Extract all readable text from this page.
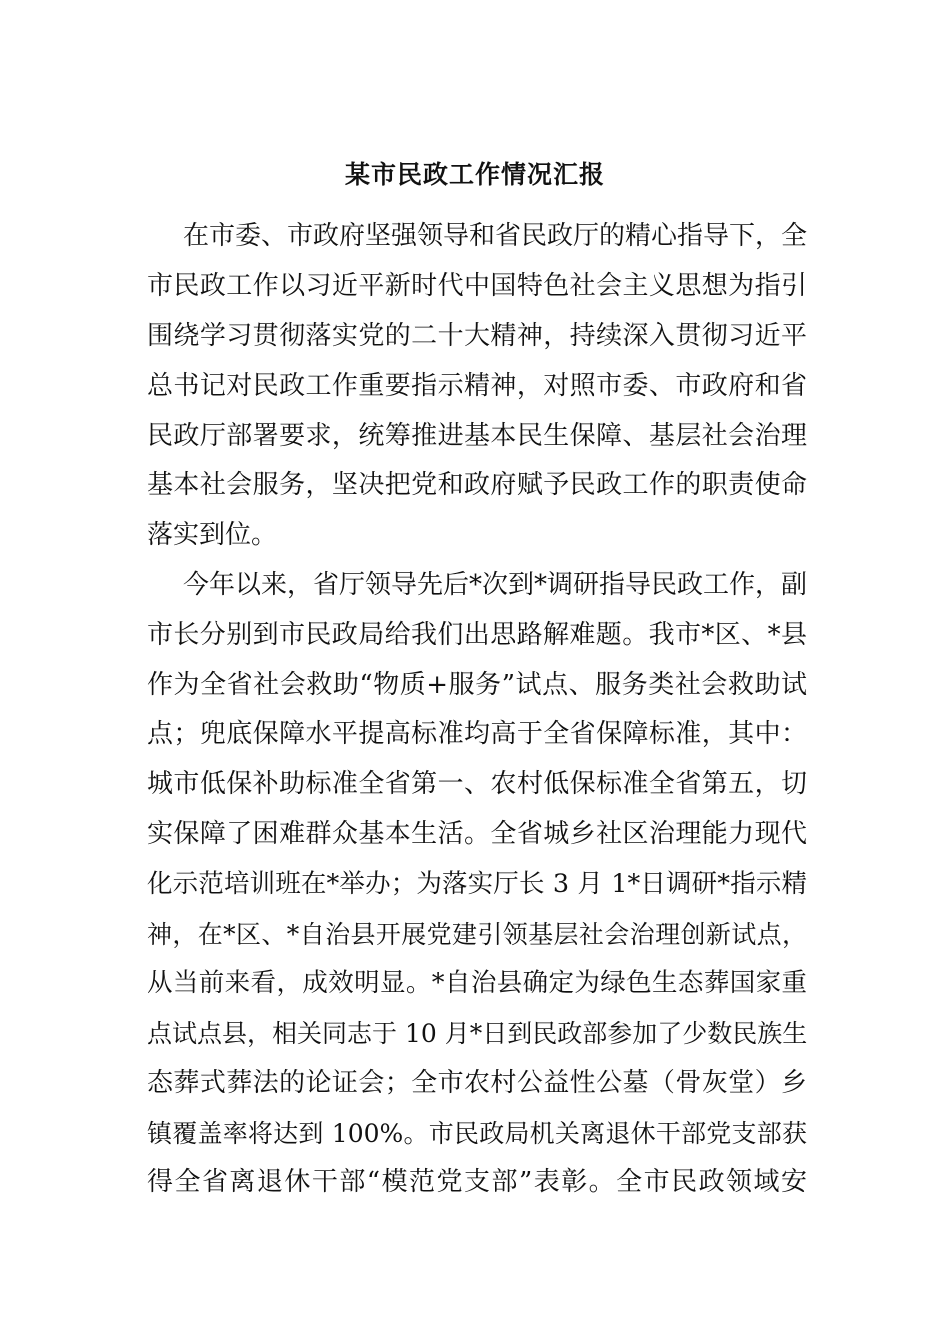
某市民政工作情况汇报
在市委、市政府坚强领导和省民政厅的精心指导下，全
市民政工作以习近平新时代中国特色社会主义思想为指引
围绕学习贯彻落实党的二十大精神，持续深入贯彻习近平
总书记对民政工作重要指示精神，对照市委、市政府和省
民政厅部署要求，统筹推进基本民生保障、基层社会治理
基本社会服务，坚决把党和政府赋予民政工作的职责使命
落实到位。
今年以来，省厅领导先后*次到*调研指导民政工作，副
市长分别到市民政局给我们出思路解难题。我市*区、*县
作为全省社会救助“物质+服务”试点、服务类社会救助试
点；兜底保障水平提高标准均高于全省保障标准，其中：
城市低保补助标准全省第一、农村低保标准全省第五，切
实保障了困难群众基本生活。全省城乡社区治理能力现代
化示范培训班在*举办；为落实厅长 3 月 1*日调研*指示精
神，在*区、*自治县开展党建引领基层社会治理创新试点，
从当前来看，成效明显。*自治县确定为绿色生态葬国家重
点试点县，相关同志于 10 月*日到民政部参加了少数民族生
态葬式葬法的论证会；全市农村公益性公墓（骨灰堂）乡
镇覆盖率将达到 100%。市民政局机关离退休干部党支部获
得全省离退休干部“模范党支部”表彰。全市民政领域安
